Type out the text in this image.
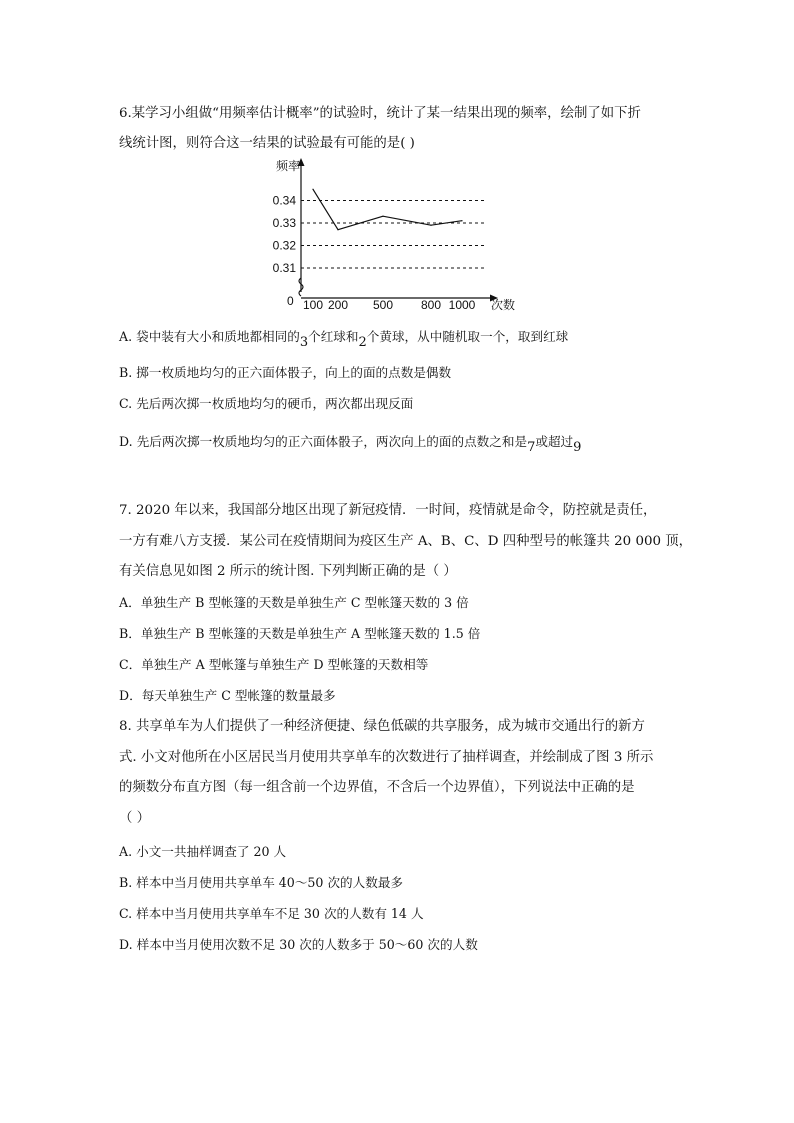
6.某学习小组做“用频率估计概率”的试验时，统计了某一结果出现的频率，绘制了如下折
线统计图，则符合这一结果的试验最有可能的是( )
0.34
0.33
0.32
0.31
100 200 500 800 1000
频率
次数
0
A. 袋中装有大小和质地都相同的3个红球和2个黄球，从中随机取一个，取到红球
B. 掷一枚质地均匀的正六面体骰子，向上的面的点数是偶数
C. 先后两次掷一枚质地均匀的硬币，两次都出现反面
D. 先后两次掷一枚质地均匀的正六面体骰子，两次向上的面的点数之和是7或超过9
7. 2020 年以来，我国部分地区出现了新冠疫情．一时间，疫情就是命令，防控就是责任，
一方有难八方支援．某公司在疫情期间为疫区生产 A、B、C、D 四种型号的帐篷共 20 000 顶，
有关信息见如图 2 所示的统计图. 下列判断正确的是（ ）
A．单独生产 B 型帐篷的天数是单独生产 C 型帐篷天数的 3 倍
B．单独生产 B 型帐篷的天数是单独生产 A 型帐篷天数的 1.5 倍
C．单独生产 A 型帐篷与单独生产 D 型帐篷的天数相等
D．每天单独生产 C 型帐篷的数量最多
8. 共享单车为人们提供了一种经济便捷、绿色低碳的共享服务，成为城市交通出行的新方
式. 小文对他所在小区居民当月使用共享单车的次数进行了抽样调查，并绘制成了图 3 所示
的频数分布直方图（每一组含前一个边界值，不含后一个边界值），下列说法中正确的是
（ ）
A. 小文一共抽样调查了 20 人
B. 样本中当月使用共享单车 40～50 次的人数最多
C. 样本中当月使用共享单车不足 30 次的人数有 14 人
D. 样本中当月使用次数不足 30 次的人数多于 50～60 次的人数
